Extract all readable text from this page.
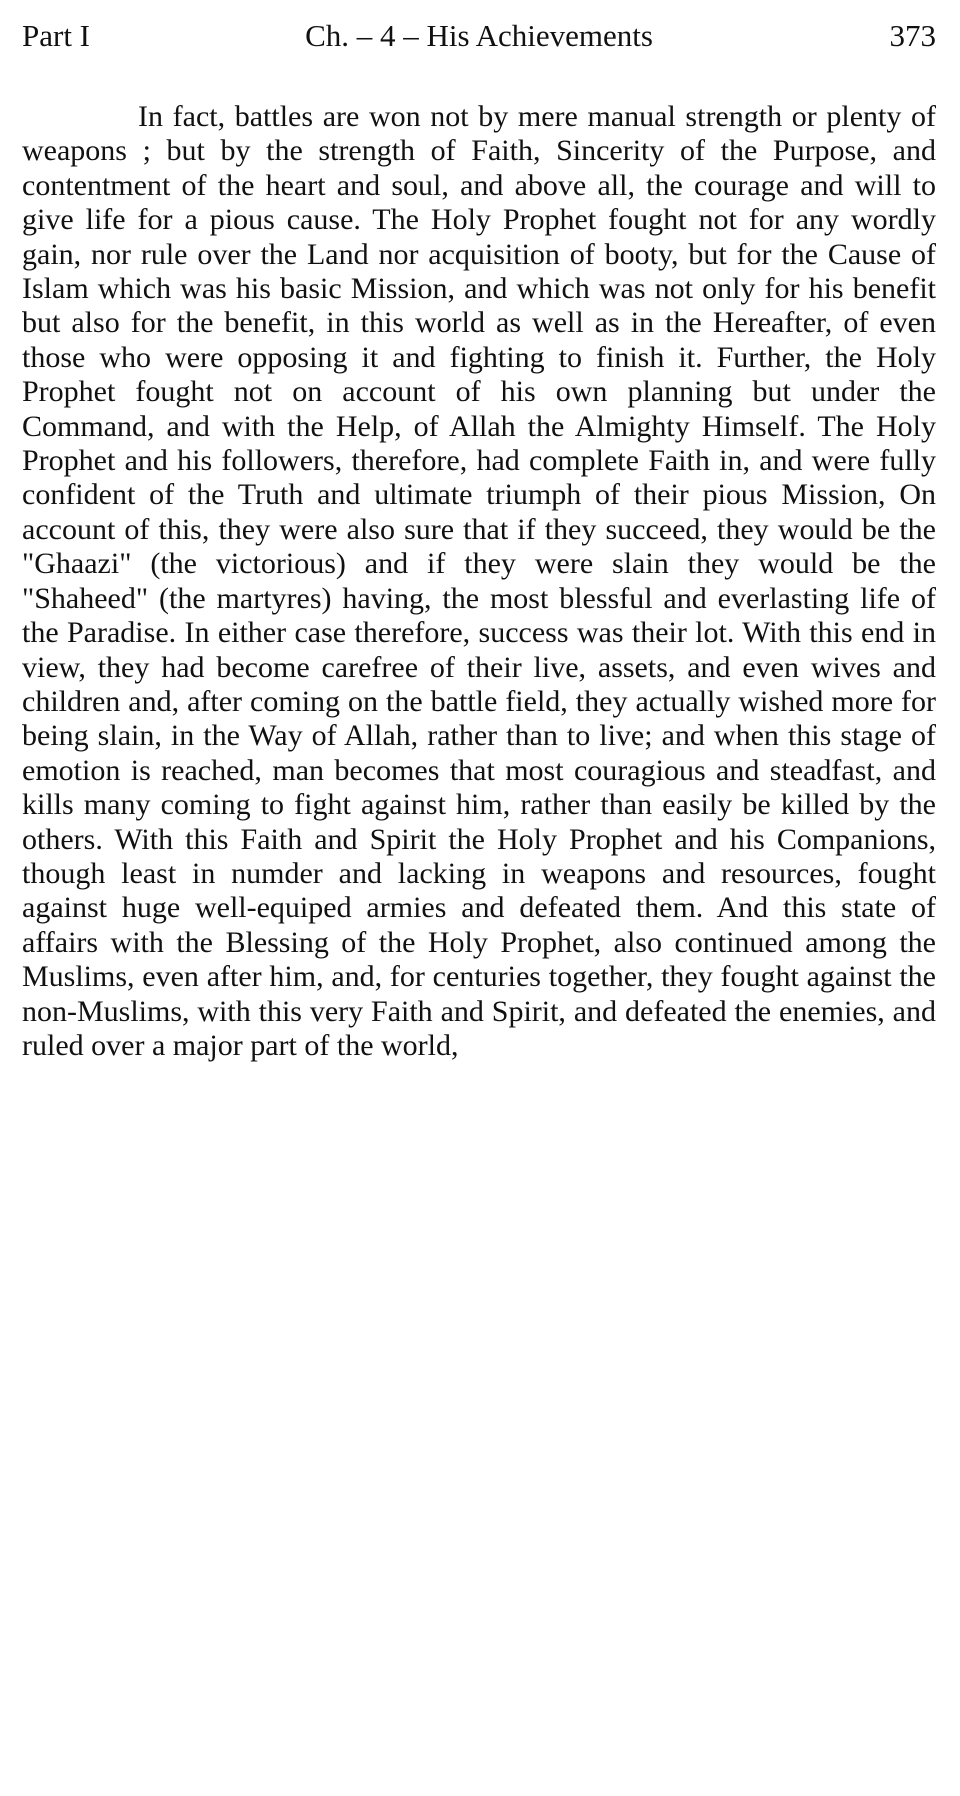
Part I	Ch. – 4 – His Achievements	373

In fact, battles are won not by mere manual strength or plenty of weapons ; but by the strength of Faith, Sincerity of the Purpose, and contentment of the heart and soul, and above all, the courage and will to give life for a pious cause. The Holy Prophet fought not for any wordly gain, nor rule over the Land nor acquisition of booty, but for the Cause of Islam which was his basic Mission, and which was not only for his benefit but also for the benefit, in this world as well as in the Hereafter, of even those who were opposing it and fighting to finish it. Further, the Holy Prophet fought not on account of his own planning but under the Command, and with the Help, of Allah the Almighty Himself. The Holy Prophet and his followers, therefore, had complete Faith in, and were fully confident of the Truth and ultimate triumph of their pious Mission, On account of this, they were also sure that if they succeed, they would be the "Ghaazi" (the victorious) and if they were slain they would be the "Shaheed" (the martyres) having, the most blessful and everlasting life of the Paradise. In either case therefore, success was their lot. With this end in view, they had become carefree of their live, assets, and even wives and children and, after coming on the battle field, they actually wished more for being slain, in the Way of Allah, rather than to live; and when this stage of emotion is reached, man becomes that most couragious and steadfast, and kills many coming to fight against him, rather than easily be killed by the others. With this Faith and Spirit the Holy Prophet and his Companions, though least in numder and lacking in weapons and resources, fought against huge well-equiped armies and defeated them. And this state of affairs with the Blessing of the Holy Prophet, also continued among the Muslims, even after him, and, for centuries together, they fought against the non-Muslims, with this very Faith and Spirit, and defeated the enemies, and ruled over a major part of the world,
